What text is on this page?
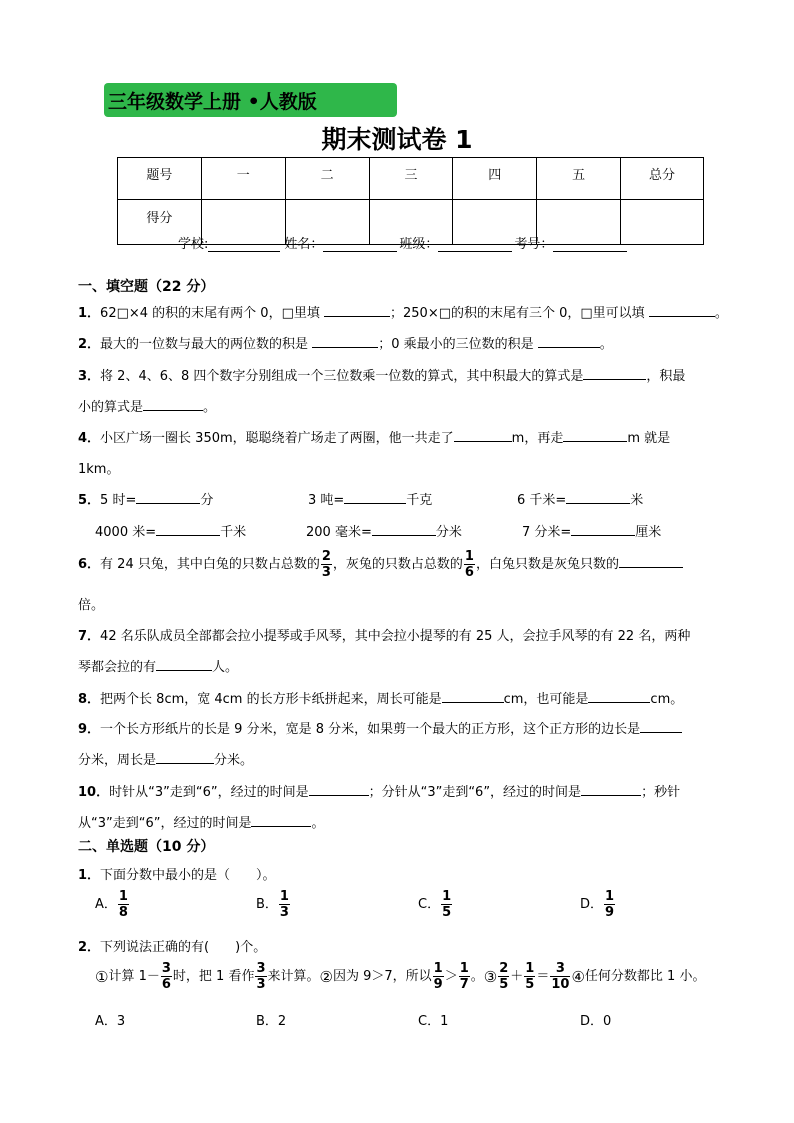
三年级数学上册 •人教版
期末测试卷 1
题号	一	二	三	四	五	总分
得分						
学校:	姓名：	班级：	考号：
一、填空题（22 分）
1．62□×4 的积的末尾有两个 0，□里填	；250×□的积的末尾有三个 0，□里可以填	。
2．最大的一位数与最大的两位数的积是	；0 乘最小的三位数的积是	。
3．将 2、4、6、8 四个数字分别组成一个三位数乘一位数的算式，其中积最大的算式是	，积最
小的算式是	。
4．小区广场一圈长 350m，聪聪绕着广场走了两圈，他一共走了	m，再走	m 就是
1km。
5．5 时=	分	3 吨=	千克	6 千米=	米
4000 米=	千米	200 毫米=	分米	7 分米=	厘米
6．有 24 只兔，其中白兔的只数占总数的 $\frac{2}{3}$ ，灰兔的只数占总数的 $\frac{1}{6}$ ，白兔只数是灰兔只数的
倍。
7．42 名乐队成员全部都会拉小提琴或手风琴，其中会拉小提琴的有 25 人，会拉手风琴的有 22 名，两种
琴都会拉的有	人。
8．把两个长 8cm，宽 4cm 的长方形卡纸拼起来，周长可能是	cm，也可能是	cm。
9．一个长方形纸片的长是 9 分米，宽是 8 分米，如果剪一个最大的正方形，这个正方形的边长是
分米，周长是	分米。
10．时针从“3”走到“6”，经过的时间是	；分针从“3”走到“6”，经过的时间是	；秒针
从“3”走到“6”，经过的时间是	。
二、单选题（10 分）
1．下面分数中最小的是（　　）。
A． $\frac{1}{8}$	B． $\frac{1}{3}$	C． $\frac{1}{5}$	D． $\frac{1}{9}$
2．下列说法正确的有(　　)个。
①计算 $1- \frac{3}{6}$ 时，把 1 看作 $\frac{3}{3}$ 来计算。②因为 9＞7，所以 $\frac{1}{9} > \frac{1}{7}$ 。③ $\frac{2}{5} + \frac{1}{5} = \frac{3}{10}$ ④任何分数都比 1 小。
A．3	B．2	C．1	D．0
